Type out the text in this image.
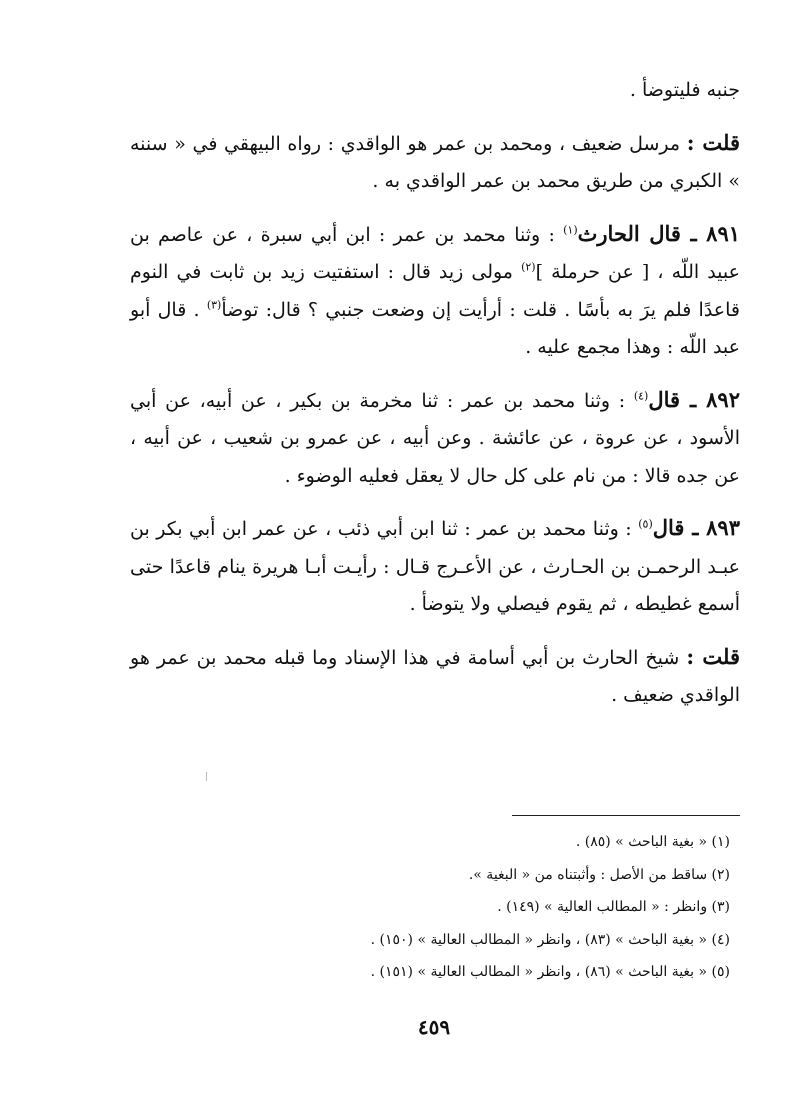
جنبه فليتوضأ .

قلت : مرسل ضعيف ، ومحمد بن عمر هو الواقدي : رواه البيهقي في « سننه » الكبري من طريق محمد بن عمر الواقدي به .

٨٩١ ـ قال الحارث$^{(١)}$ : وثنا محمد بن عمر : ابن أبي سبرة ، عن عاصم بن عبيد اللّه ، [ عن حرملة ]$^{(٢)}$ مولى زيد قال : استفتيت زيد بن ثابت في النوم قاعدًا فلم يرَ به بأسًا . قلت : أرأيت إن وضعت جنبي ؟ قال: توضأ$^{(٣)}$ . قال أبو عبد اللّه : وهذا مجمع عليه .

٨٩٢ ـ قال$^{(٤)}$ : وثنا محمد بن عمر : ثنا مخرمة بن بكير ، عن أبيه، عن أبي الأسود ، عن عروة ، عن عائشة . وعن أبيه ، عن عمرو بن شعيب ، عن أبيه ، عن جده قالا : من نام على كل حال لا يعقل فعليه الوضوء .

٨٩٣ ـ قال$^{(٥)}$ : وثنا محمد بن عمر : ثنا ابن أبي ذئب ، عن عمر ابن أبي بكر بن عبـد الرحمـن بن الحـارث ، عن الأعـرج قـال : رأيـت أبـا هريرة ينام قاعدًا حتى أسمع غطيطه ، ثم يقوم فيصلي ولا يتوضأ .

قلت : شيخ الحارث بن أبي أسامة في هذا الإسناد وما قبله محمد بن عمر هو الواقدي ضعيف .

(١) « بغية الباحث » (٨٥) .

(٢) ساقط من الأصل : وأثبتناه من « البغية ».

(٣) وانظر : « المطالب العالية » (١٤٩) .

(٤) « بغية الباحث » (٨٣) ، وانظر « المطالب العالية » (١٥٠) .

(٥) « بغية الباحث » (٨٦) ، وانظر « المطالب العالية » (١٥١) .

٤٥٩
